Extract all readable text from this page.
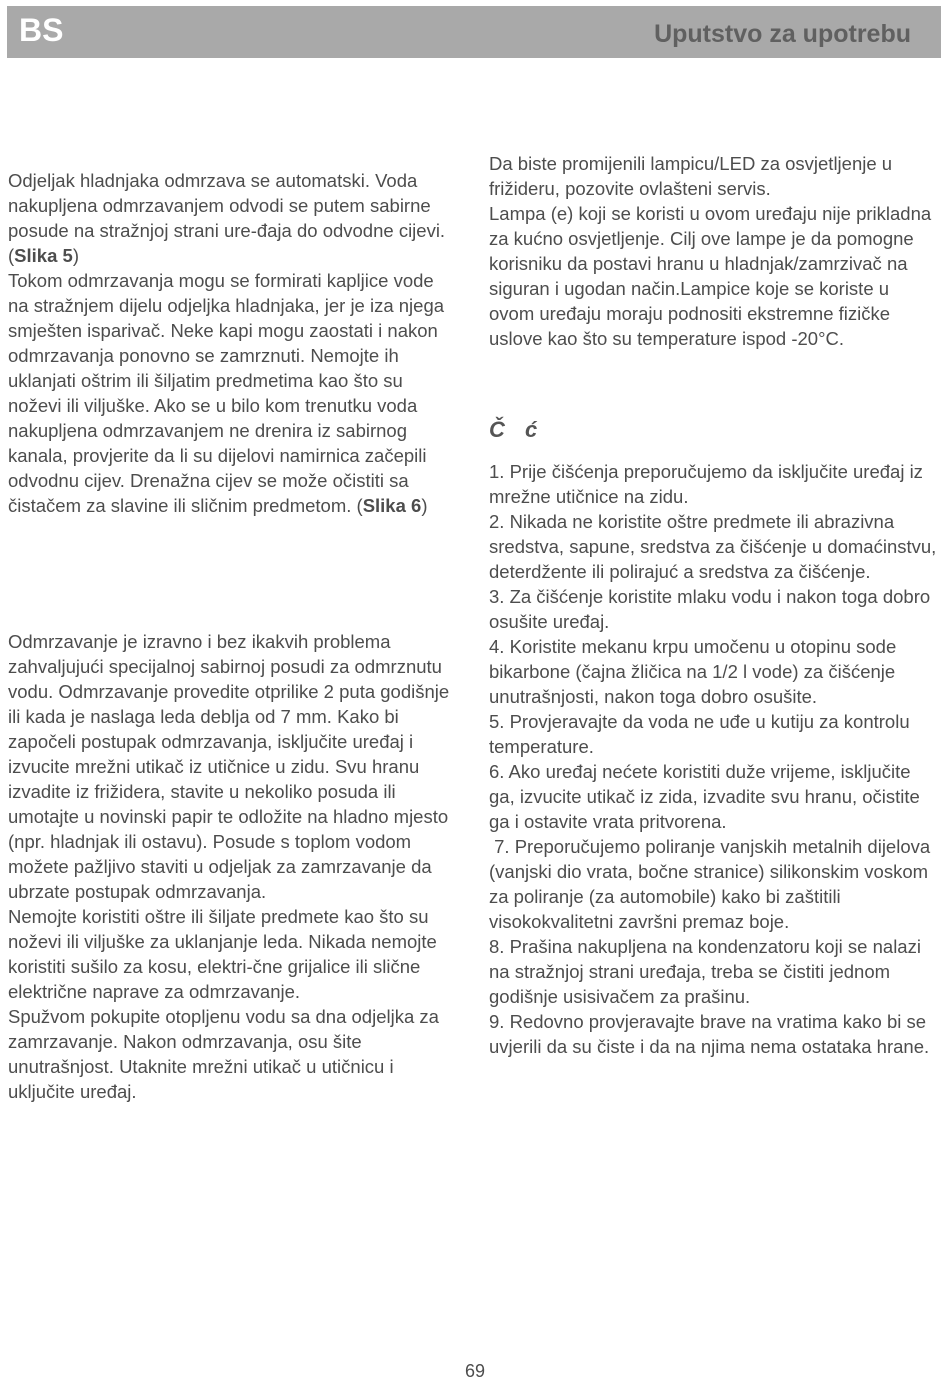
BS	Uputstvo za upotrebu

Odjeljak hladnjaka odmrzava se automatski. Voda nakupljena odmrzavanjem odvodi se putem sabirne posude na stražnjoj strani ure-đaja do odvodne cijevi. (Slika 5)

Tokom odmrzavanja mogu se formirati kapljice vode na stražnjem dijelu odjeljka hladnjaka, jer je iza njega smješten isparivač. Neke kapi mogu zaostati i nakon odmrzavanja ponovno se zamrznuti. Nemojte ih uklanjati oštrim ili šiljatim predmetima kao što su noževi ili viljuške. Ako se u bilo kom trenutku voda nakupljena odmrzavanjem ne drenira iz sabirnog kanala, provjerite da li su dijelovi namirnica začepili odvodnu cijev. Drenažna cijev se može očistiti sa čistačem za slavine ili sličnim predmetom. (Slika 6)

Odmrzavanje je izravno i bez ikakvih problema zahvaljujući specijalnoj sabirnoj posudi za odmrznutu vodu. Odmrzavanje provedite otprilike 2 puta godišnje ili kada je naslaga leda deblja od 7 mm. Kako bi započeli postupak odmrzavanja, isključite uređaj i izvucite mrežni utikač iz utičnice u zidu. Svu hranu izvadite iz frižidera, stavite u nekoliko posuda ili umotajte u novinski papir te odložite na hladno mjesto (npr. hladnjak ili ostavu). Posude s toplom vodom možete pažljivo staviti u odjeljak za zamrzavanje da ubrzate postupak odmrzavanja.

Nemojte koristiti oštre ili šiljate predmete kao što su noževi ili viljuške za uklanjanje leda. Nikada nemojte koristiti sušilo za kosu, elektri-čne grijalice ili slične električne naprave za odmrzavanje.

Spužvom pokupite otopljenu vodu sa dna odjeljka za zamrzavanje. Nakon odmrzavanja, osu šite unutrašnjost. Utaknite mrežni utikač u utičnicu i uključite uređaj.

Da biste promijenili lampicu/LED za osvjetljenje u frižideru, pozovite ovlašteni servis.

Lampa (e) koji se koristi u ovom uređaju nije prikladna za kućno osvjetljenje. Cilj ove lampe je da pomogne korisniku da postavi hranu u hladnjak/zamrzivač na siguran i ugodan način.Lampice koje se koriste u ovom uređaju moraju podnositi ekstremne fizičke uslove kao što su temperature ispod -20°C.

Č ć

1. Prije čišćenja preporučujemo da isključite uređaj iz mrežne utičnice na zidu.

2. Nikada ne koristite oštre predmete ili abrazivna sredstva, sapune, sredstva za čišćenje u domaćinstvu, deterdžente ili polirajuć a sredstva za čišćenje.

3. Za čišćenje koristite mlaku vodu i nakon toga dobro osušite uređaj.

4. Koristite mekanu krpu umočenu u otopinu sode bikarbone (čajna žličica na 1/2 l vode) za čišćenje unutrašnjosti, nakon toga dobro osušite.

5. Provjeravajte da voda ne uđe u kutiju za kontrolu temperature.

6. Ako uređaj nećete koristiti duže vrijeme, isključite ga, izvucite utikač iz zida, izvadite svu hranu, očistite ga i ostavite vrata pritvorena.

7. Preporučujemo poliranje vanjskih metalnih dijelova (vanjski dio vrata, bočne stranice) silikonskim voskom za poliranje (za automobile) kako bi zaštitili visokokvalitetni završni premaz boje.

8. Prašina nakupljena na kondenzatoru koji se nalazi na stražnjoj strani uređaja, treba se čistiti jednom godišnje usisivačem za prašinu.

9. Redovno provjeravajte brave na vratima kako bi se uvjerili da su čiste i da na njima nema ostataka hrane.

69
